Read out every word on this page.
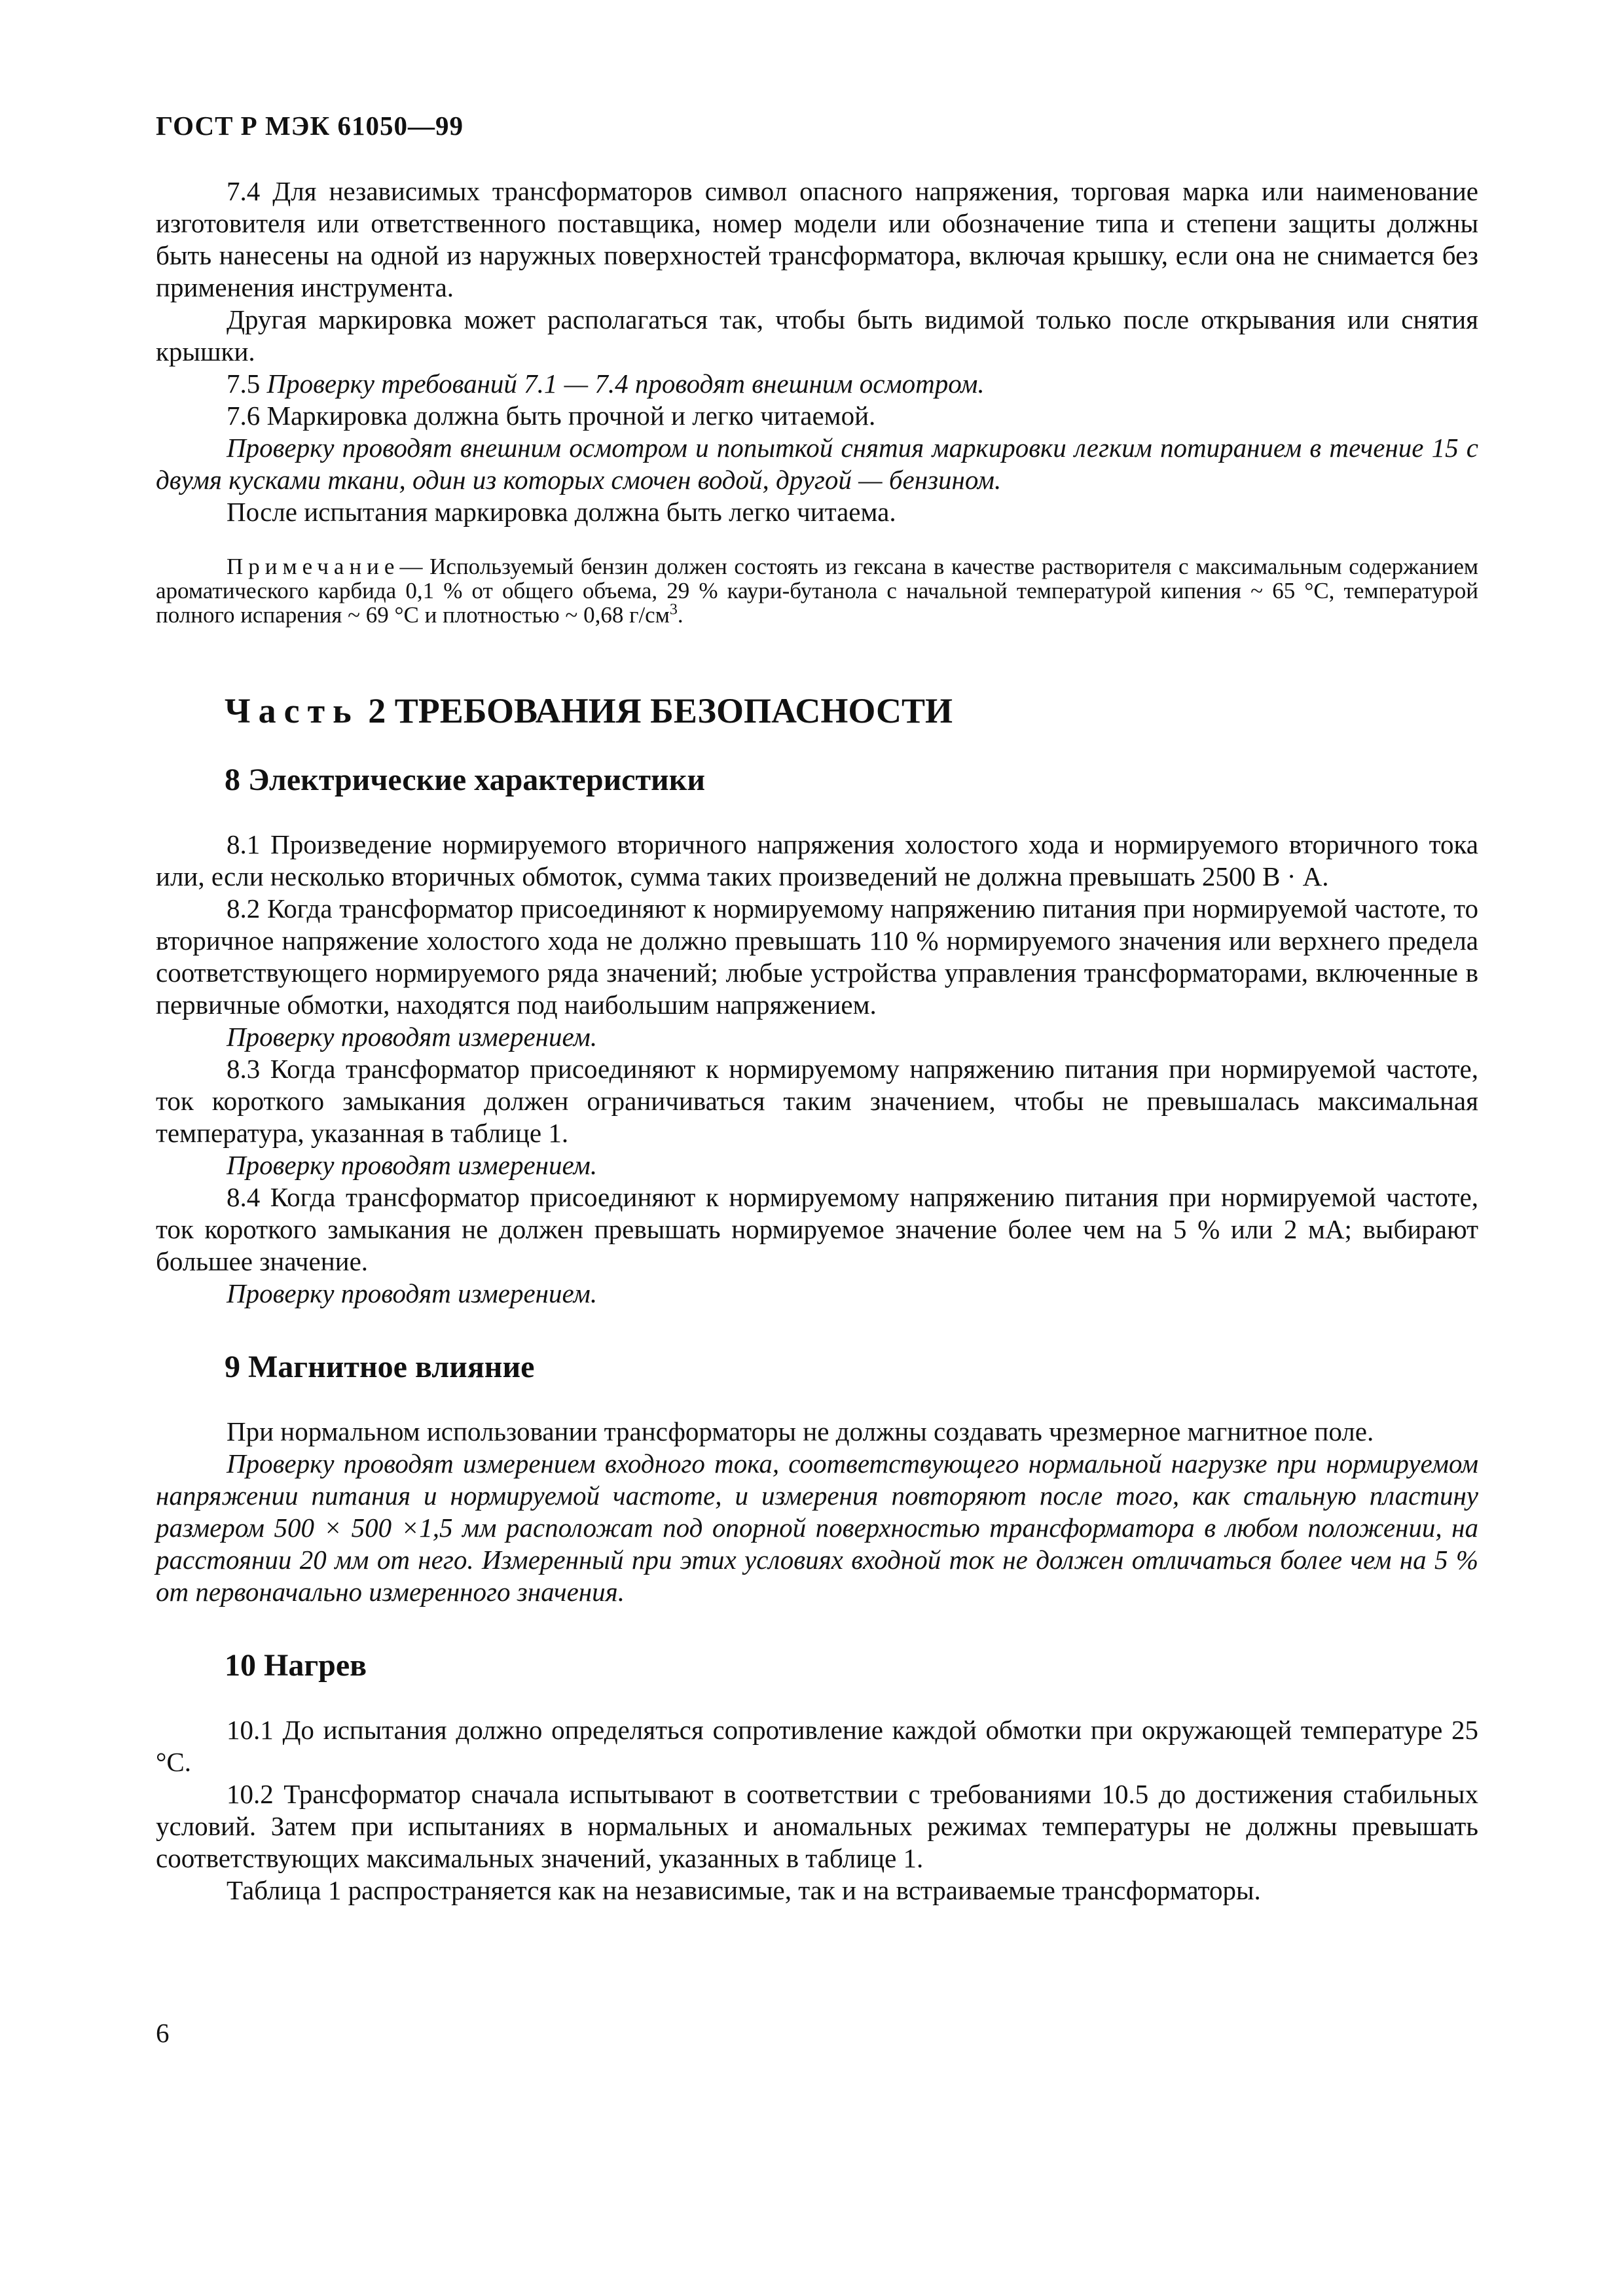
ГОСТ Р МЭК 61050—99

7.4 Для независимых трансформаторов символ опасного напряжения, торговая марка или наименование изготовителя или ответственного поставщика, номер модели или обозначение типа и степени защиты должны быть нанесены на одной из наружных поверхностей трансформатора, включая крышку, если она не снимается без применения инструмента.

Другая маркировка может располагаться так, чтобы быть видимой только после открывания или снятия крышки.

7.5 Проверку требований 7.1 — 7.4 проводят внешним осмотром.

7.6 Маркировка должна быть прочной и легко читаемой.

Проверку проводят внешним осмотром и попыткой снятия маркировки легким потиранием в течение 15 с двумя кусками ткани, один из которых смочен водой, другой — бензином.

После испытания маркировка должна быть легко читаема.

Примечание— Используемый бензин должен состоять из гексана в качестве растворителя с максимальным содержанием ароматического карбида 0,1 % от общего объема, 29 % каури-бутанола с начальной температурой кипения ~ 65 °С, температурой полного испарения ~ 69 °С и плотностью ~ 0,68 $г/см^3$.

Часть 2 ТРЕБОВАНИЯ БЕЗОПАСНОСТИ
8 Электрические характеристики

8.1 Произведение нормируемого вторичного напряжения холостого хода и нормируемого вторичного тока или, если несколько вторичных обмоток, сумма таких произведений не должна превышать 2500 В · А.

8.2 Когда трансформатор присоединяют к нормируемому напряжению питания при нормируемой частоте, то вторичное напряжение холостого хода не должно превышать 110 % нормируемого значения или верхнего предела соответствующего нормируемого ряда значений; любые устройства управления трансформаторами, включенные в первичные обмотки, находятся под наибольшим напряжением.

Проверку проводят измерением.

8.3 Когда трансформатор присоединяют к нормируемому напряжению питания при нормируемой частоте, ток короткого замыкания должен ограничиваться таким значением, чтобы не превышалась максимальная температура, указанная в таблице 1.

Проверку проводят измерением.

8.4 Когда трансформатор присоединяют к нормируемому напряжению питания при нормируемой частоте, ток короткого замыкания не должен превышать нормируемое значение более чем на 5 % или 2 мА; выбирают большее значение.

Проверку проводят измерением.

9 Магнитное влияние

При нормальном использовании трансформаторы не должны создавать чрезмерное магнитное поле.

Проверку проводят измерением входного тока, соответствующего нормальной нагрузке при нормируемом напряжении питания и нормируемой частоте, и измерения повторяют после того, как стальную пластину размером 500 × 500 ×1,5 мм расположат под опорной поверхностью трансформатора в любом положении, на расстоянии 20 мм от него. Измеренный при этих условиях входной ток не должен отличаться более чем на 5 % от первоначально измеренного значения.

10 Нагрев

10.1 До испытания должно определяться сопротивление каждой обмотки при окружающей температуре 25 °С.

10.2 Трансформатор сначала испытывают в соответствии с требованиями 10.5 до достижения стабильных условий. Затем при испытаниях в нормальных и аномальных режимах температуры не должны превышать соответствующих максимальных значений, указанных в таблице 1.

Таблица 1 распространяется как на независимые, так и на встраиваемые трансформаторы.

6
